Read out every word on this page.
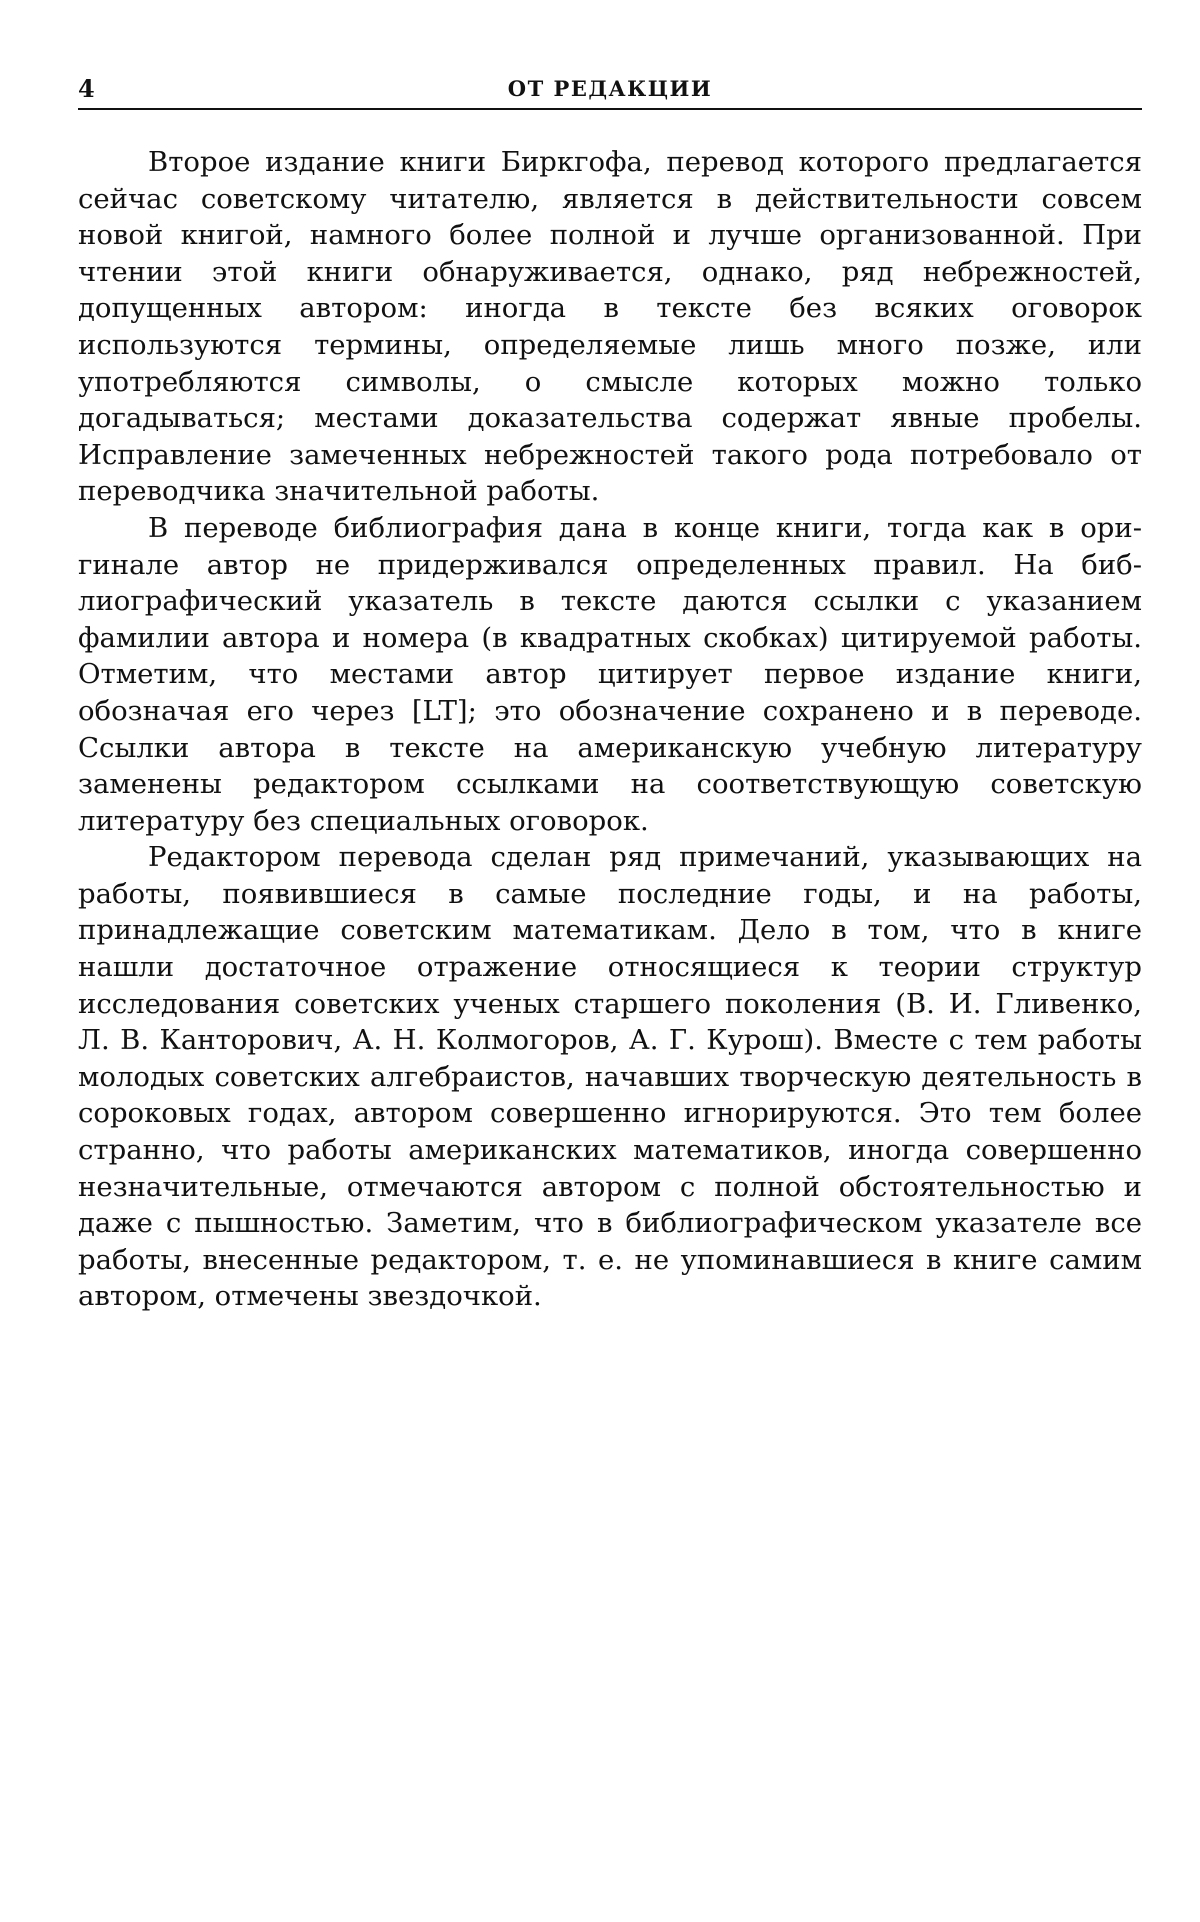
4	ОТ РЕДАКЦИИ

Второе издание книги Биркгофа, перевод которого предлагается сейчас советскому читателю, является в действительности совсем новой книгой, намного более полной и лучше организованной. При чтении этой книги обнаруживается, однако, ряд небрежностей, допущенных автором: иногда в тексте без всяких оговорок используются термины, определяемые лишь много позже, или употребляются символы, о смысле которых можно только догадываться; местами доказательства содержат явные пробелы. Исправление замеченных небрежностей такого рода потребовало от переводчика значительной работы.

В переводе библиография дана в конце книги, тогда как в оригинале автор не придерживался определенных правил. На библиографический указатель в тексте даются ссылки с указанием фамилии автора и номера (в квадратных скобках) цитируемой работы. Отметим, что местами автор цитирует первое издание книги, обозначая его через [LT]; это обозначение сохранено и в переводе. Ссылки автора в тексте на американскую учебную литературу заменены редактором ссылками на соответствующую советскую литературу без специальных оговорок.

Редактором перевода сделан ряд примечаний, указывающих на работы, появившиеся в самые последние годы, и на работы, принадлежащие советским математикам. Дело в том, что в книге нашли достаточное отражение относящиеся к теории структур исследования советских ученых старшего поколения (В. И. Гливенко, Л. В. Канторович, А. Н. Колмогоров, А. Г. Курош). Вместе с тем работы молодых советских алгебраистов, начавших творческую деятельность в сороковых годах, автором совершенно игнорируются. Это тем более странно, что работы американских математиков, иногда совершенно незначительные, отмечаются автором с полной обстоятельностью и даже с пышностью. Заметим, что в библиографическом указателе все работы, внесенные редактором, т. е. не упоминавшиеся в книге самим автором, отмечены звездочкой.
